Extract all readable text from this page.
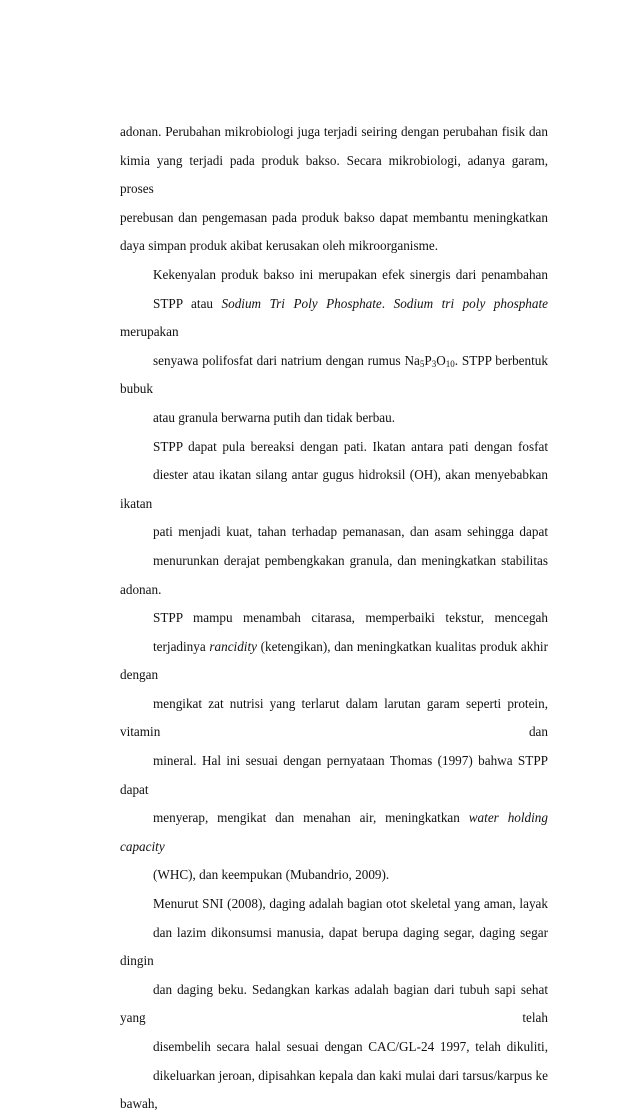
adonan. Perubahan mikrobiologi juga terjadi seiring dengan perubahan fisik dan
kimia yang terjadi pada produk bakso. Secara mikrobiologi, adanya garam, proses
perebusan dan pengemasan pada produk bakso dapat membantu meningkatkan
daya simpan produk akibat kerusakan oleh mikroorganisme.

Kekenyalan produk bakso ini merupakan efek sinergis dari penambahan
STPP atau Sodium Tri Poly Phosphate. Sodium tri poly phosphate merupakan
senyawa polifosfat dari natrium dengan rumus $Na_5P_3O_{10}$. STPP berbentuk bubuk
atau granula berwarna putih dan tidak berbau.

STPP dapat pula bereaksi dengan pati. Ikatan antara pati dengan fosfat
diester atau ikatan silang antar gugus hidroksil (OH), akan menyebabkan ikatan
pati menjadi kuat, tahan terhadap pemanasan, dan asam sehingga dapat
menurunkan derajat pembengkakan granula, dan meningkatkan stabilitas adonan.

STPP mampu menambah citarasa, memperbaiki tekstur, mencegah
terjadinya rancidity (ketengikan), dan meningkatkan kualitas produk akhir dengan
mengikat zat nutrisi yang terlarut dalam larutan garam seperti protein, vitamin dan
mineral. Hal ini sesuai dengan pernyataan Thomas (1997) bahwa STPP dapat
menyerap, mengikat dan menahan air, meningkatkan water holding capacity
(WHC), dan keempukan (Mubandrio, 2009).

Menurut SNI (2008), daging adalah bagian otot skeletal yang aman, layak
dan lazim dikonsumsi manusia, dapat berupa daging segar, daging segar dingin
dan daging beku. Sedangkan karkas adalah bagian dari tubuh sapi sehat yang telah
disembelih secara halal sesuai dengan CAC/GL-24 1997, telah dikuliti,
dikeluarkan jeroan, dipisahkan kepala dan kaki mulai dari tarsus/karpus ke bawah,
